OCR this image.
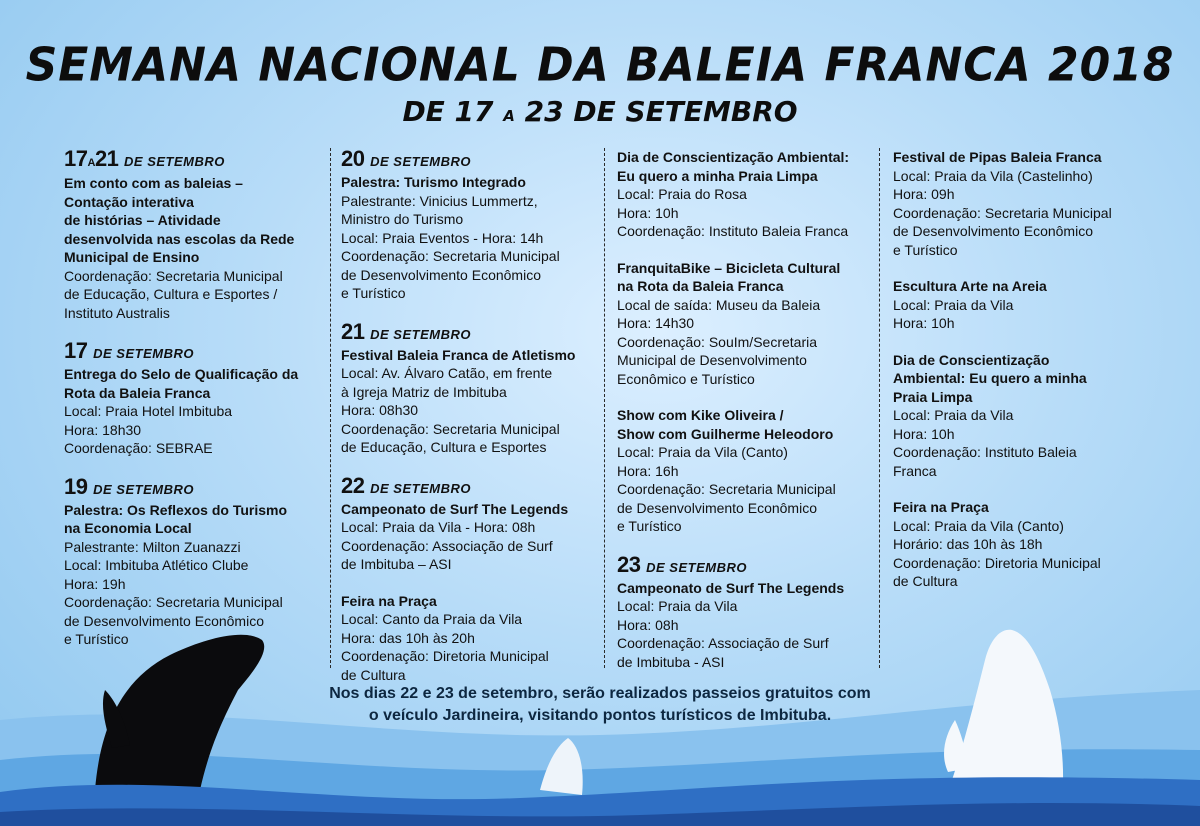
SEMANA NACIONAL DA BALEIA FRANCA 2018
DE 17 A 23 DE SETEMBRO
17A21 DE SETEMBRO
Em conto com as baleias –
Contação interativa
de histórias – Atividade
desenvolvida nas escolas da Rede
Municipal de Ensino
Coordenação: Secretaria Municipal
de Educação, Cultura e Esportes /
Instituto Australis
17 DE SETEMBRO
Entrega do Selo de Qualificação da
Rota da Baleia Franca
Local: Praia Hotel Imbituba
Hora: 18h30
Coordenação: SEBRAE
19 DE SETEMBRO
Palestra: Os Reflexos do Turismo
na Economia Local
Palestrante: Milton Zuanazzi
Local: Imbituba Atlético Clube
Hora: 19h
Coordenação: Secretaria Municipal
de Desenvolvimento Econômico
e Turístico
20 DE SETEMBRO
Palestra: Turismo Integrado
Palestrante: Vinicius Lummertz,
Ministro do Turismo
Local: Praia Eventos - Hora: 14h
Coordenação: Secretaria Municipal
de Desenvolvimento Econômico
e Turístico
21 DE SETEMBRO
Festival Baleia Franca de Atletismo
Local: Av. Álvaro Catão, em frente
à Igreja Matriz de Imbituba
Hora: 08h30
Coordenação: Secretaria Municipal
de Educação, Cultura e Esportes
22 DE SETEMBRO
Campeonato de Surf The Legends
Local: Praia da Vila - Hora: 08h
Coordenação: Associação de Surf
de Imbituba – ASI
Feira na Praça
Local: Canto da Praia da Vila
Hora: das 10h às 20h
Coordenação: Diretoria Municipal
de Cultura
Dia de Conscientização Ambiental:
Eu quero a minha Praia Limpa
Local: Praia do Rosa
Hora: 10h
Coordenação: Instituto Baleia Franca
FranquitaBike – Bicicleta Cultural
na Rota da Baleia Franca
Local de saída: Museu da Baleia
Hora: 14h30
Coordenação: SouIm/Secretaria
Municipal de Desenvolvimento
Econômico e Turístico
Show com Kike Oliveira /
Show com Guilherme Heleodoro
Local: Praia da Vila (Canto)
Hora: 16h
Coordenação: Secretaria Municipal
de Desenvolvimento Econômico
e Turístico
23 DE SETEMBRO
Campeonato de Surf The Legends
Local: Praia da Vila
Hora: 08h
Coordenação: Associação de Surf
de Imbituba - ASI
Festival de Pipas Baleia Franca
Local: Praia da Vila (Castelinho)
Hora: 09h
Coordenação: Secretaria Municipal
de Desenvolvimento Econômico
e Turístico
Escultura Arte na Areia
Local: Praia da Vila
Hora: 10h
Dia de Conscientização
Ambiental: Eu quero a minha
Praia Limpa
Local: Praia da Vila
Hora: 10h
Coordenação: Instituto Baleia
Franca
Feira na Praça
Local: Praia da Vila (Canto)
Horário: das 10h às 18h
Coordenação: Diretoria Municipal
de Cultura
Nos dias 22 e 23 de setembro, serão realizados passeios gratuitos com
o veículo Jardineira, visitando pontos turísticos de Imbituba.
